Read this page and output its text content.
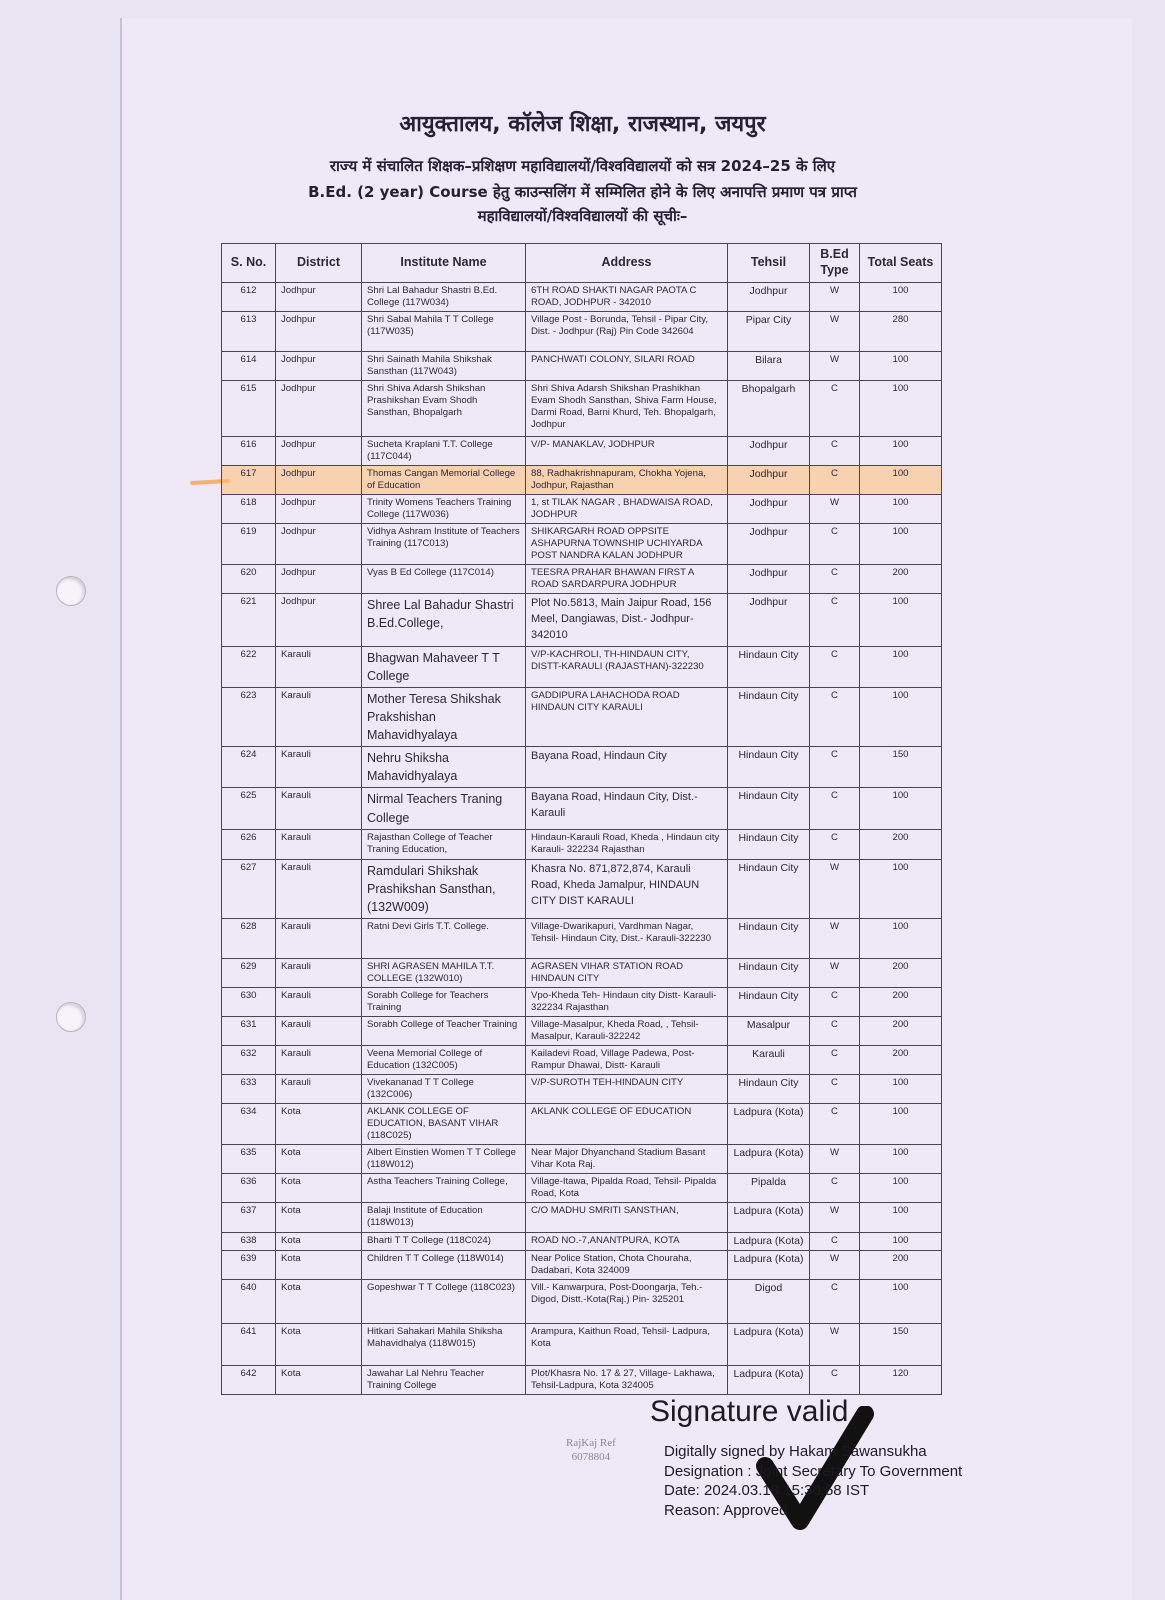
आयुक्तालय, कॉलेज शिक्षा, राजस्थान, जयपुर
राज्य में संचालित शिक्षक–प्रशिक्षण महाविद्यालयों/विश्वविद्यालयों को सत्र 2024–25 के लिए
B.Ed. (2 year) Course हेतु काउन्सलिंग में सम्मिलित होने के लिए अनापत्ति प्रमाण पत्र प्राप्त
महाविद्यालयों/विश्वविद्यालयों की सूचीः–
S. No.	District	Institute Name	Address	Tehsil	B.Ed Type	Total Seats
612	Jodhpur	Shri Lal Bahadur Shastri B.Ed. College (117W034)	6TH ROAD SHAKTI NAGAR PAOTA C ROAD, JODHPUR - 342010	Jodhpur	W	100
613	Jodhpur	Shri Sabal Mahila T T College (117W035)	Village Post - Borunda, Tehsil - Pipar City, Dist. - Jodhpur (Raj) Pin Code 342604	Pipar City	W	280
614	Jodhpur	Shri Sainath Mahila Shikshak Sansthan (117W043)	PANCHWATI COLONY, SILARI ROAD	Bilara	W	100
615	Jodhpur	Shri Shiva Adarsh Shikshan Prashikshan Evam Shodh Sansthan, Bhopalgarh	Shri Shiva Adarsh Shikshan Prashikhan Evam Shodh Sansthan, Shiva Farm House, Darmi Road, Barni Khurd, Teh. Bhopalgarh, Jodhpur	Bhopalgarh	C	100
616	Jodhpur	Sucheta Kraplani T.T. College (117C044)	V/P- MANAKLAV, JODHPUR	Jodhpur	C	100
617	Jodhpur	Thomas Cangan Memorial College of Education	88, Radhakrishnapuram, Chokha Yojena, Jodhpur, Rajasthan	Jodhpur	C	100
618	Jodhpur	Trinity Womens Teachers Training College (117W036)	1, st TILAK NAGAR , BHADWAISA ROAD, JODHPUR	Jodhpur	W	100
619	Jodhpur	Vidhya Ashram Institute of Teachers Training (117C013)	SHIKARGARH ROAD OPPSITE ASHAPURNA TOWNSHIP UCHIYARDA POST NANDRA KALAN JODHPUR	Jodhpur	C	100
620	Jodhpur	Vyas B Ed College (117C014)	TEESRA PRAHAR BHAWAN FIRST A ROAD SARDARPURA JODHPUR	Jodhpur	C	200
621	Jodhpur	Shree Lal Bahadur Shastri B.Ed.College,	Plot No.5813, Main Jaipur Road, 156 Meel, Dangiawas, Dist.- Jodhpur-342010	Jodhpur	C	100
622	Karauli	Bhagwan Mahaveer T T College	V/P-KACHROLI, TH-HINDAUN CITY, DISTT-KARAULI (RAJASTHAN)-322230	Hindaun City	C	100
623	Karauli	Mother Teresa Shikshak Prakshishan Mahavidhyalaya	GADDIPURA LAHACHODA ROAD HINDAUN CITY KARAULI	Hindaun City	C	100
624	Karauli	Nehru Shiksha Mahavidhyalaya	Bayana Road, Hindaun City	Hindaun City	C	150
625	Karauli	Nirmal Teachers Traning College	Bayana Road, Hindaun City, Dist.- Karauli	Hindaun City	C	100
626	Karauli	Rajasthan College of Teacher Traning Education,	Hindaun-Karauli Road, Kheda , Hindaun city Karauli- 322234 Rajasthan	Hindaun City	C	200
627	Karauli	Ramdulari Shikshak Prashikshan Sansthan, (132W009)	Khasra No. 871,872,874, Karauli Road, Kheda Jamalpur, HINDAUN CITY DIST KARAULI	Hindaun City	W	100
628	Karauli	Ratni Devi Girls T.T. College.	Village-Dwarikapuri, Vardhman Nagar, Tehsil- Hindaun City, Dist.- Karauli-322230	Hindaun City	W	100
629	Karauli	SHRI AGRASEN MAHILA T.T. COLLEGE (132W010)	AGRASEN VIHAR STATION ROAD HINDAUN CITY	Hindaun City	W	200
630	Karauli	Sorabh College for Teachers Training	Vpo-Kheda Teh- Hindaun city Distt- Karauli- 322234 Rajasthan	Hindaun City	C	200
631	Karauli	Sorabh College of Teacher Training	Village-Masalpur, Kheda Road, , Tehsil- Masalpur, Karauli-322242	Masalpur	C	200
632	Karauli	Veena Memorial College of Education (132C005)	Kailadevi Road, Village Padewa, Post- Rampur Dhawai, Distt- Karauli	Karauli	C	200
633	Karauli	Vivekananad T T College (132C006)	V/P-SUROTH TEH-HINDAUN CITY	Hindaun City	C	100
634	Kota	AKLANK COLLEGE OF EDUCATION, BASANT VIHAR (118C025)	AKLANK COLLEGE OF EDUCATION	Ladpura (Kota)	C	100
635	Kota	Albert Einstien Women T T College (118W012)	Near Major Dhyanchand Stadium Basant Vihar Kota Raj.	Ladpura (Kota)	W	100
636	Kota	Astha Teachers Training College,	Village-Itawa, Pipalda Road, Tehsil- Pipalda Road, Kota	Pipalda	C	100
637	Kota	Balaji Institute of Education (118W013)	C/O MADHU SMRITI SANSTHAN,	Ladpura (Kota)	W	100
638	Kota	Bharti T T College (118C024)	ROAD NO.-7,ANANTPURA, KOTA	Ladpura (Kota)	C	100
639	Kota	Children T T College (118W014)	Near Police Station, Chota Chouraha, Dadabari, Kota 324009	Ladpura (Kota)	W	200
640	Kota	Gopeshwar T T College (118C023)	Vill.- Kanwarpura, Post-Doongarja, Teh.-Digod, Distt.-Kota(Raj.) Pin- 325201	Digod	C	100
641	Kota	Hitkari Sahakari Mahila Shiksha Mahavidhalya (118W015)	Arampura, Kaithun Road, Tehsil- Ladpura, Kota	Ladpura (Kota)	W	150
642	Kota	Jawahar Lal Nehru Teacher Training College	Plot/Khasra No. 17 & 27, Village- Lakhawa, Tehsil-Ladpura, Kota 324005	Ladpura (Kota)	C	120
RajKaj Ref
6078804
Signature valid
Digitally signed by Hakam Sawansukha
Designation : Joint Secretary To Government
Date: 2024.03.18 15:30:58 IST
Reason: Approved
